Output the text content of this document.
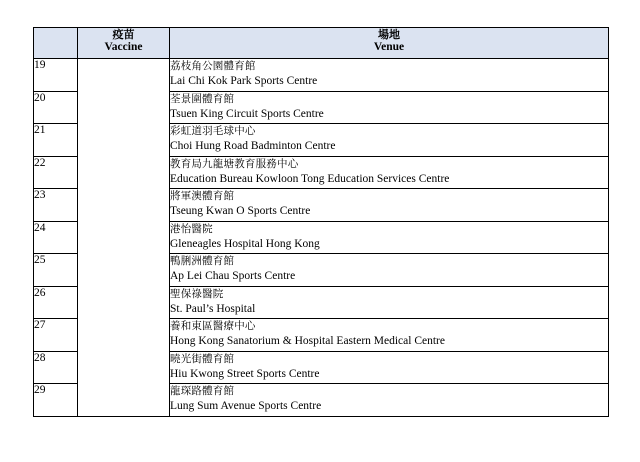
	疫苗
Vaccine	場地
Venue
19		荔枝角公園體育館
Lai Chi Kok Park Sports Centre

20		荃景圍體育館
Tsuen King Circuit Sports Centre

21		彩虹道羽毛球中心
Choi Hung Road Badminton Centre

22		教育局九龍塘教育服務中心
Education Bureau Kowloon Tong Education Services Centre

23		將軍澳體育館
Tseung Kwan O Sports Centre

24		港怡醫院
Gleneagles Hospital Hong Kong

25		鴨脷洲體育館
Ap Lei Chau Sports Centre

26		聖保祿醫院
St. Paul’s Hospital

27		養和東區醫療中心
Hong Kong Sanatorium & Hospital Eastern Medical Centre

28		曉光街體育館
Hiu Kwong Street Sports Centre

29		龍琛路體育館
Lung Sum Avenue Sports Centre
